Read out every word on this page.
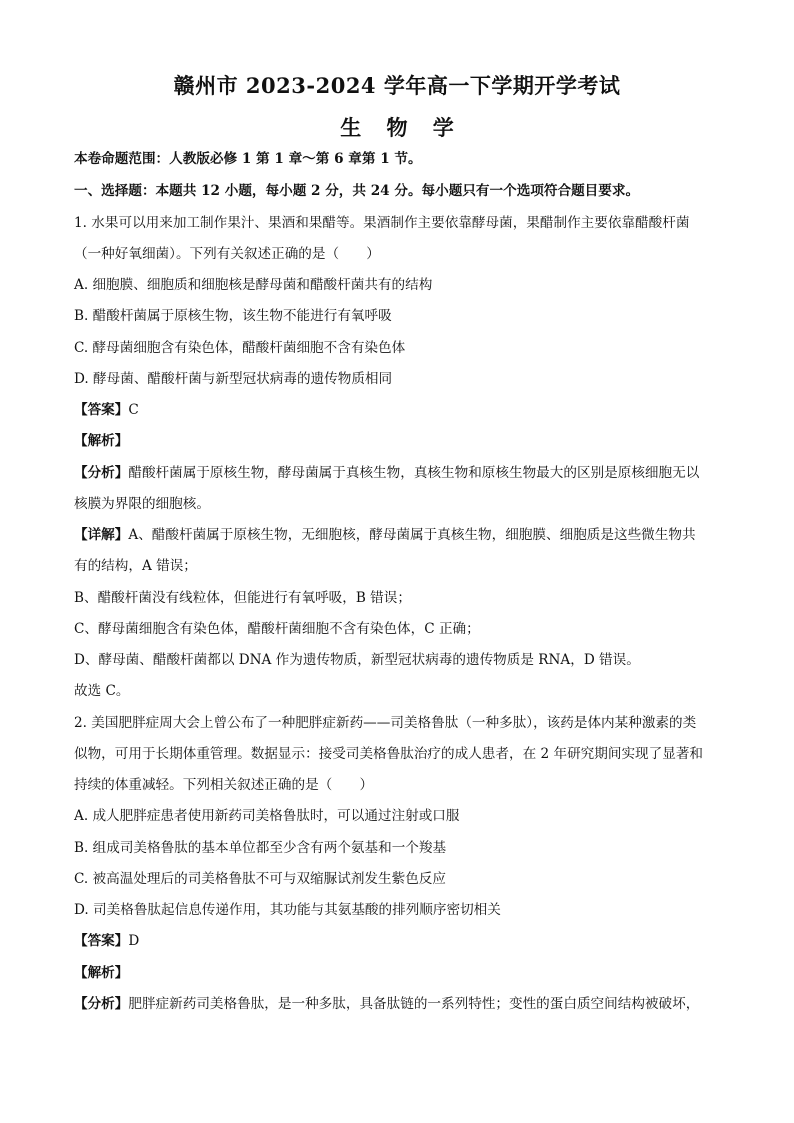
赣州市 2023-2024 学年高一下学期开学考试
生 物 学
本卷命题范围：人教版必修 1 第 1 章～第 6 章第 1 节。
一、选择题：本题共 12 小题，每小题 2 分，共 24 分。每小题只有一个选项符合题目要求。
1. 水果可以用来加工制作果汁、果酒和果醋等。果酒制作主要依靠酵母菌，果醋制作主要依靠醋酸杆菌
（一种好氧细菌）。下列有关叙述正确的是（　　）
A. 细胞膜、细胞质和细胞核是酵母菌和醋酸杆菌共有的结构
B. 醋酸杆菌属于原核生物，该生物不能进行有氧呼吸
C. 酵母菌细胞含有染色体，醋酸杆菌细胞不含有染色体
D. 酵母菌、醋酸杆菌与新型冠状病毒的遗传物质相同
【答案】C
【解析】
【分析】醋酸杆菌属于原核生物，酵母菌属于真核生物，真核生物和原核生物最大的区别是原核细胞无以
核膜为界限的细胞核。
【详解】A、醋酸杆菌属于原核生物，无细胞核，酵母菌属于真核生物，细胞膜、细胞质是这些微生物共
有的结构，A 错误；
B、醋酸杆菌没有线粒体，但能进行有氧呼吸，B 错误；
C、酵母菌细胞含有染色体，醋酸杆菌细胞不含有染色体，C 正确；
D、酵母菌、醋酸杆菌都以 DNA 作为遗传物质，新型冠状病毒的遗传物质是 RNA，D 错误。
故选 C。
2. 美国肥胖症周大会上曾公布了一种肥胖症新药——司美格鲁肽（一种多肽），该药是体内某种激素的类
似物，可用于长期体重管理。数据显示：接受司美格鲁肽治疗的成人患者，在 2 年研究期间实现了显著和
持续的体重减轻。下列相关叙述正确的是（　　）
A. 成人肥胖症患者使用新药司美格鲁肽时，可以通过注射或口服
B. 组成司美格鲁肽的基本单位都至少含有两个氨基和一个羧基
C. 被高温处理后的司美格鲁肽不可与双缩脲试剂发生紫色反应
D. 司美格鲁肽起信息传递作用，其功能与其氨基酸的排列顺序密切相关
【答案】D
【解析】
【分析】肥胖症新药司美格鲁肽，是一种多肽，具备肽链的一系列特性；变性的蛋白质空间结构被破坏，
